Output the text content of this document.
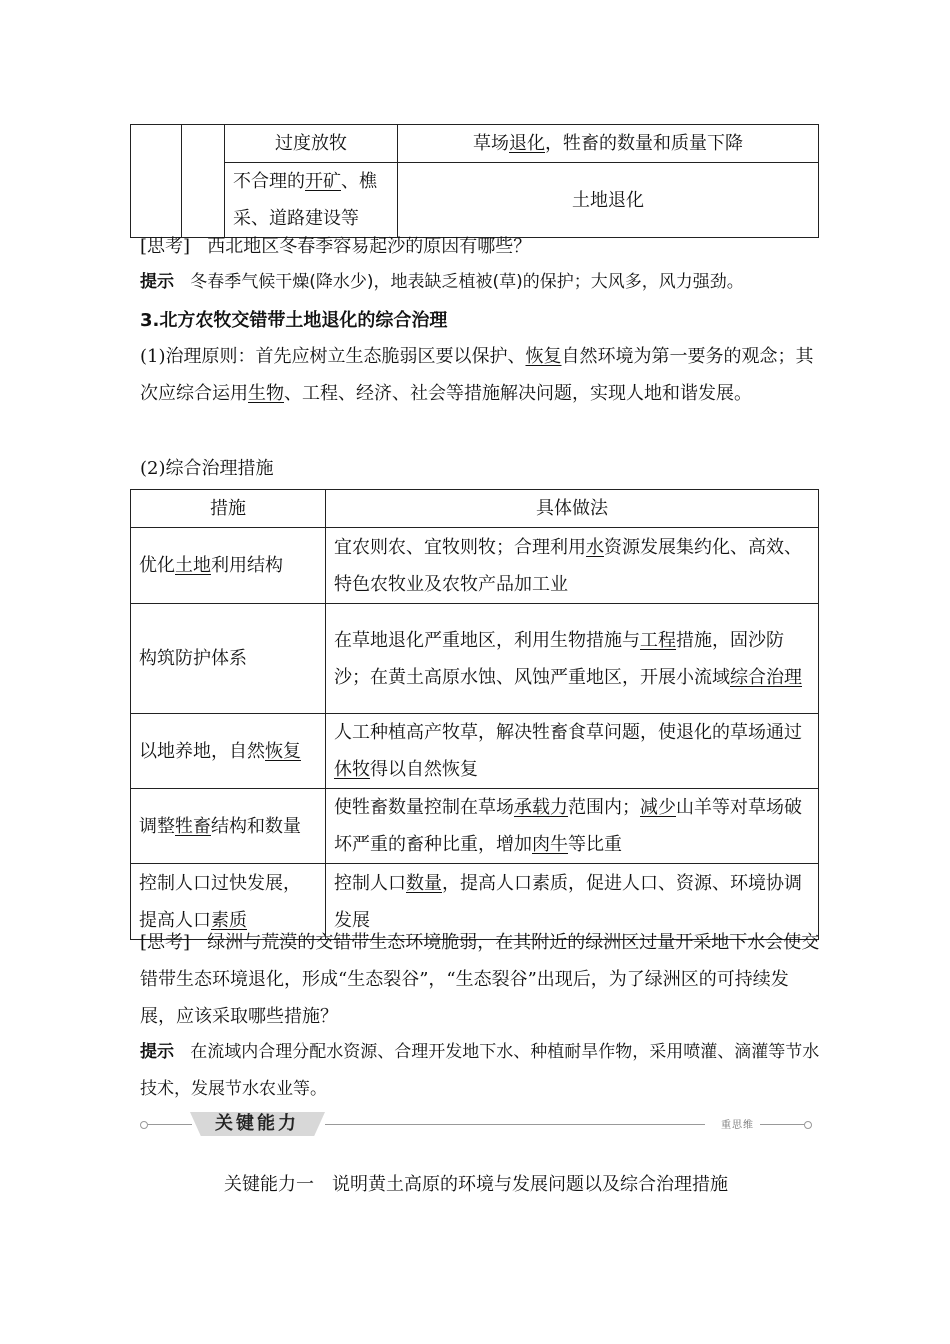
		过度放牧	草场退化，牲畜的数量和质量下降
		不合理的开矿、樵采、道路建设等	土地退化
[思考] 西北地区冬春季容易起沙的原因有哪些？
提示 冬春季气候干燥(降水少)，地表缺乏植被(草)的保护；大风多，风力强劲。
3.北方农牧交错带土地退化的综合治理
(1)治理原则：首先应树立生态脆弱区要以保护、恢复自然环境为第一要务的观念；其次应综合运用生物、工程、经济、社会等措施解决问题，实现人地和谐发展。
(2)综合治理措施
措施	具体做法
优化土地利用结构	宜农则农、宜牧则牧；合理利用水资源发展集约化、高效、特色农牧业及农牧产品加工业
构筑防护体系	在草地退化严重地区，利用生物措施与工程措施，固沙防沙；在黄土高原水蚀、风蚀严重地区，开展小流域综合治理
以地养地，自然恢复	人工种植高产牧草，解决牲畜食草问题，使退化的草场通过休牧得以自然恢复
调整牲畜结构和数量	使牲畜数量控制在草场承载力范围内；减少山羊等对草场破坏严重的畜种比重，增加肉牛等比重
控制人口过快发展，提高人口素质	控制人口数量，提高人口素质，促进人口、资源、环境协调发展
[思考] 绿洲与荒漠的交错带生态环境脆弱，在其附近的绿洲区过量开采地下水会使交错带生态环境退化，形成“生态裂谷”，“生态裂谷”出现后，为了绿洲区的可持续发展，应该采取哪些措施？
提示 在流域内合理分配水资源、合理开发地下水、种植耐旱作物，采用喷灌、滴灌等节水技术，发展节水农业等。
关键能力	重思维
关键能力一　说明黄土高原的环境与发展问题以及综合治理措施
